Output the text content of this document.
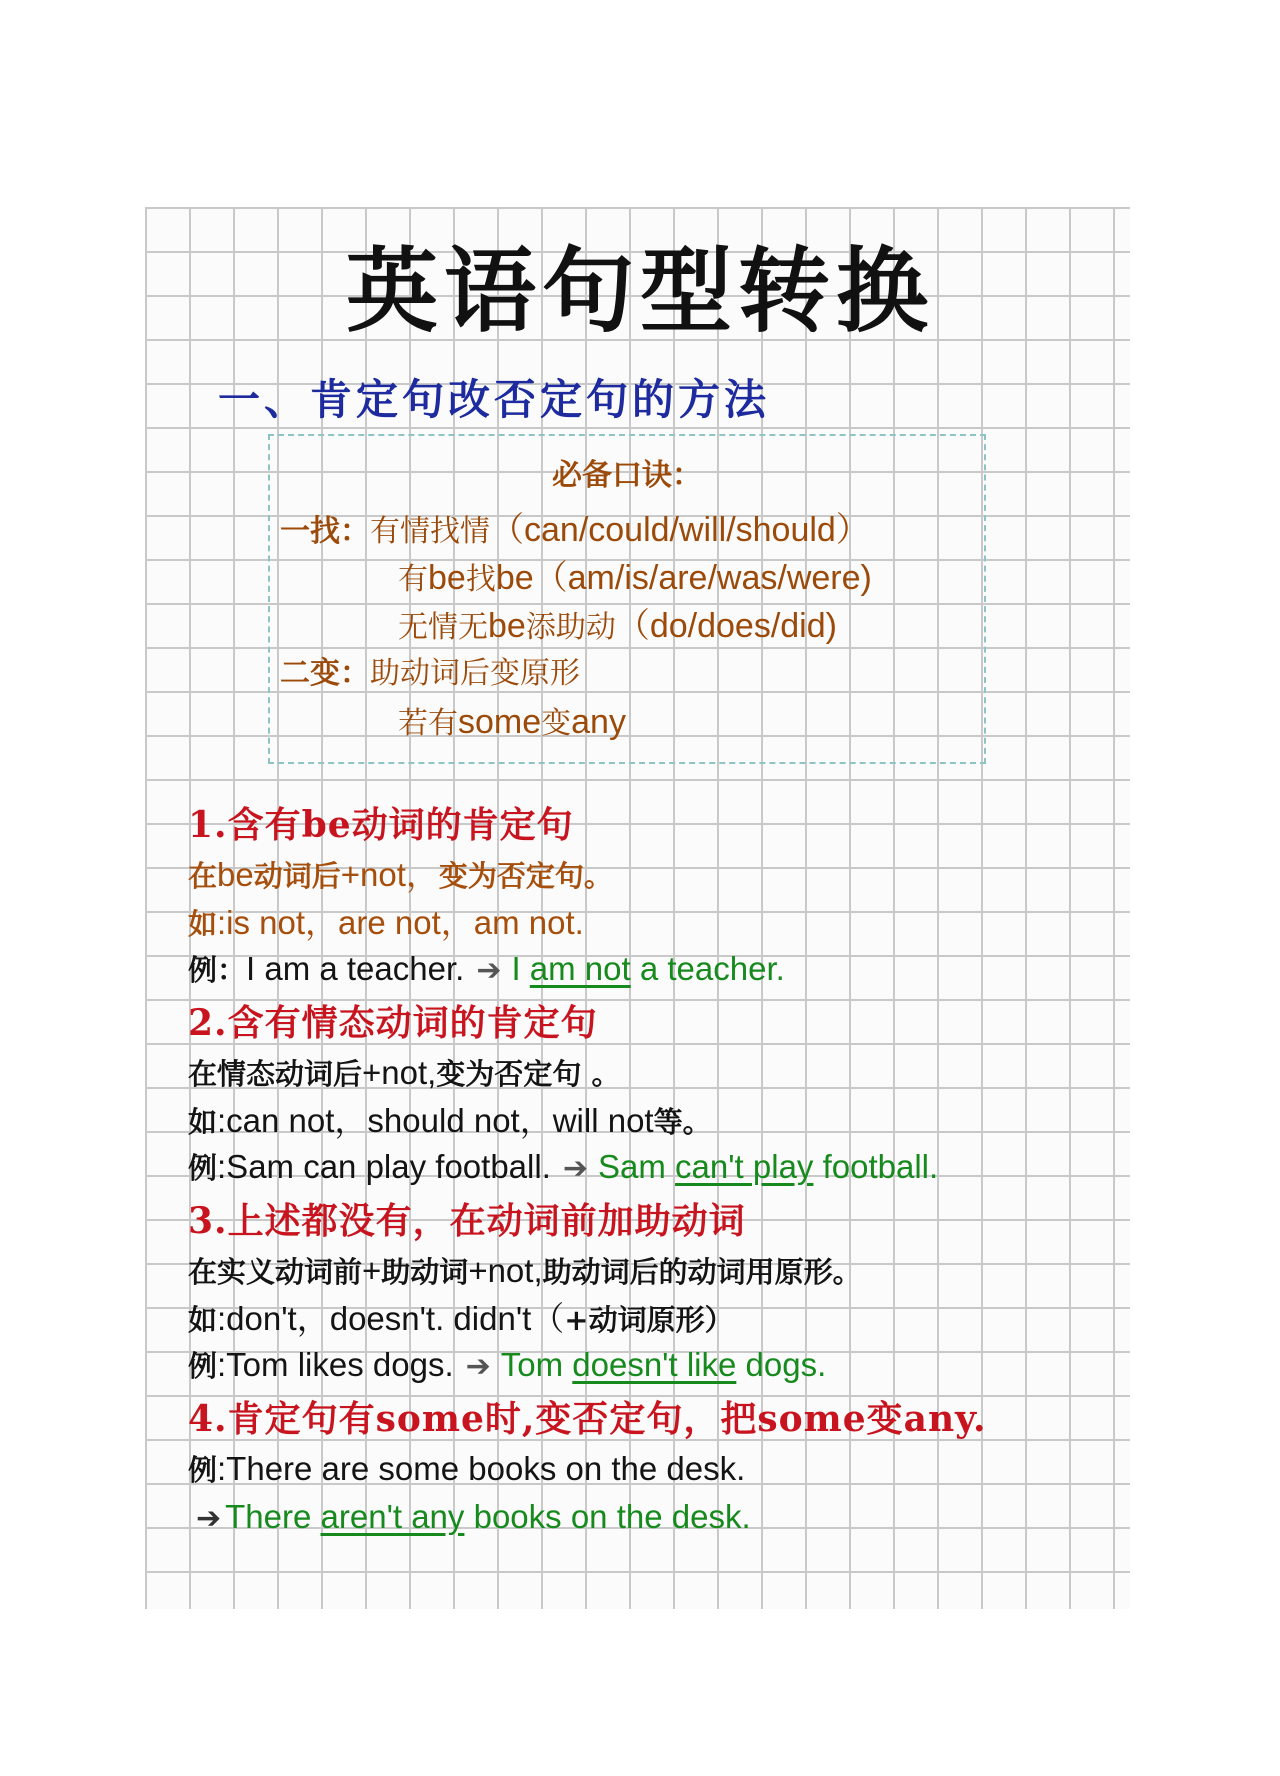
英语句型转换
一、肯定句改否定句的方法
必备口诀：
一找：有情找情（can/could/will/should）
有be找be（am/is/are/was/were)
无情无be添助动（do/does/did)
二变：助动词后变原形
若有some变any
1.含有be动词的肯定句
在be动词后+not，变为否定句。
如:is not，are not，am not.
例：I am a teacher. ➔ I am not a teacher.
2.含有情态动词的肯定句
在情态动词后+not,变为否定句 。
如:can not，should not，will not等。
例:Sam can play football. ➔ Sam can't play football.
3.上述都没有，在动词前加助动词
在实义动词前+助动词+not,助动词后的动词用原形。
如:don't，doesn't. didn't（+动词原形）
例:Tom likes dogs. ➔ Tom doesn't like dogs.
4.肯定句有some时,变否定句，把some变any.
例:There are some books on the desk.
➔ There aren't any books on the desk.
